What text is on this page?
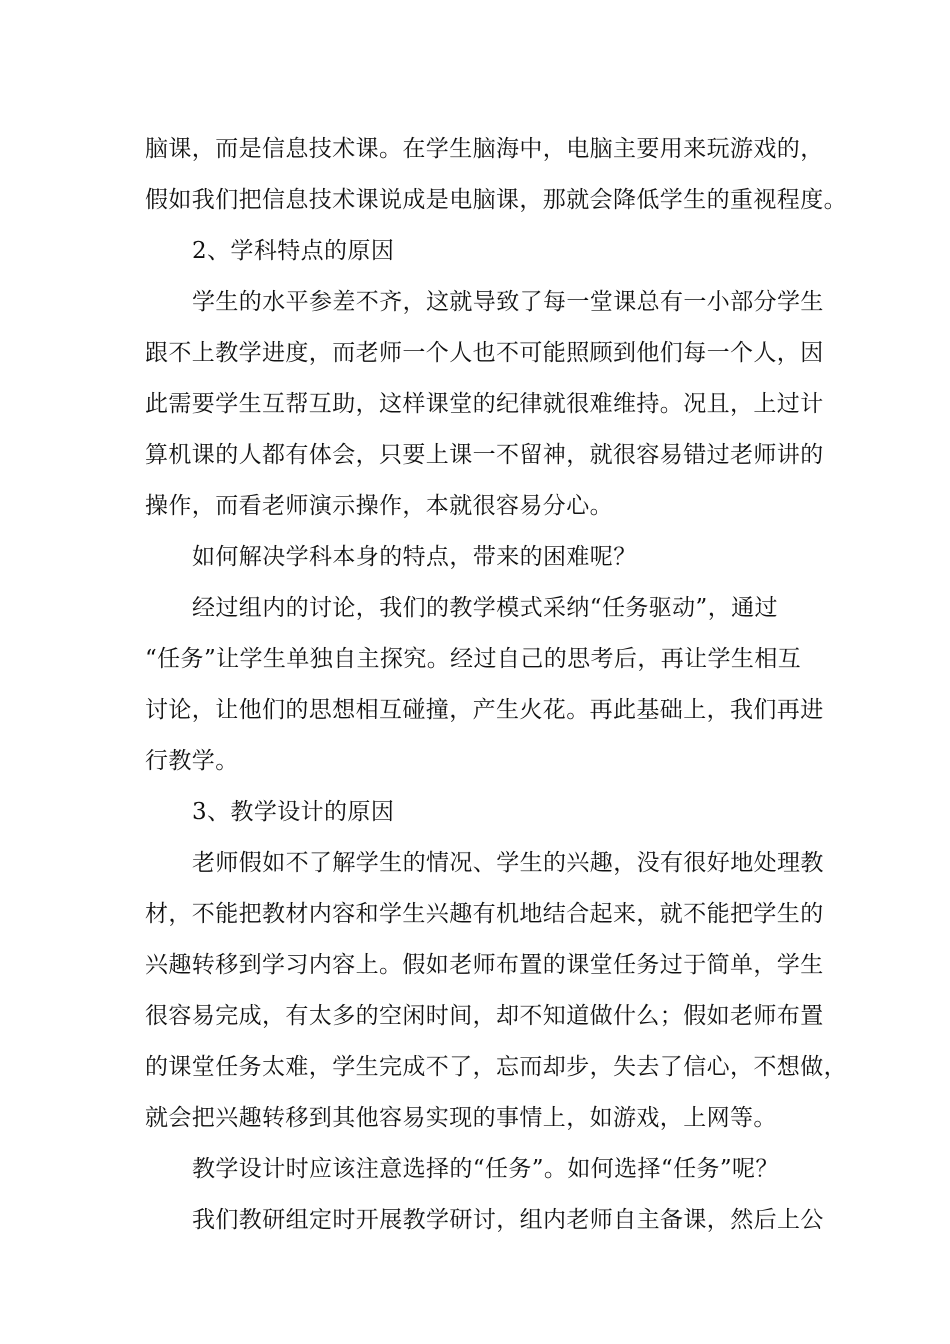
脑课，而是信息技术课。在学生脑海中，电脑主要用来玩游戏的，
假如我们把信息技术课说成是电脑课，那就会降低学生的重视程度。
2、学科特点的原因
学生的水平参差不齐，这就导致了每一堂课总有一小部分学生
跟不上教学进度，而老师一个人也不可能照顾到他们每一个人，因
此需要学生互帮互助，这样课堂的纪律就很难维持。况且，上过计
算机课的人都有体会，只要上课一不留神，就很容易错过老师讲的
操作，而看老师演示操作，本就很容易分心。
如何解决学科本身的特点，带来的困难呢？
经过组内的讨论，我们的教学模式采纳“任务驱动”，通过
“任务”让学生单独自主探究。经过自己的思考后，再让学生相互
讨论，让他们的思想相互碰撞，产生火花。再此基础上，我们再进
行教学。
3、教学设计的原因
老师假如不了解学生的情况、学生的兴趣，没有很好地处理教
材，不能把教材内容和学生兴趣有机地结合起来，就不能把学生的
兴趣转移到学习内容上。假如老师布置的课堂任务过于简单，学生
很容易完成，有太多的空闲时间，却不知道做什么；假如老师布置
的课堂任务太难，学生完成不了，忘而却步，失去了信心，不想做，
就会把兴趣转移到其他容易实现的事情上，如游戏，上网等。
教学设计时应该注意选择的“任务”。如何选择“任务”呢？
我们教研组定时开展教学研讨，组内老师自主备课，然后上公
